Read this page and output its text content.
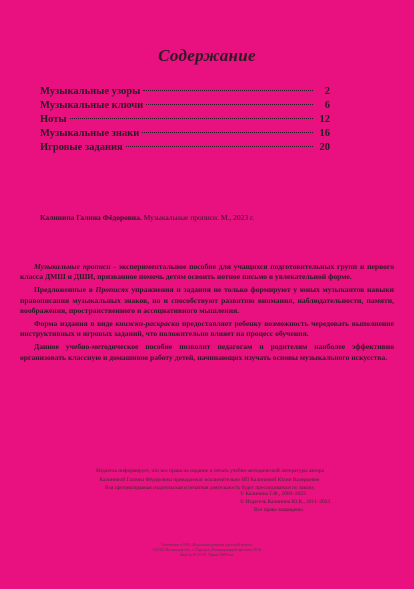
Содержание
Музыкальные узоры	2
Музыкальные ключи	6
Ноты	12
Музыкальные знаки	16
Игровые задания	20
Калинина Галина Фёдоровна. Музыкальные прописи. М., 2023 г.

Музыкальные прописи - экспериментальное пособие для учащихся подготовительных групп и первого класса ДМШ и ДШИ, призванное помочь детям освоить нотное письмо в увлекательной форме.

Предложенные в Прописях упражнения и задания не только формируют у юных музыкантов навыки правописания музыкальных знаков, но и способствуют развитию внимания, наблюдательности, памяти, воображения, пространственного и ассоциативного мышления.

Форма издания в виде книжки-раскраски предоставляет ребенку возможность чередовать выполнение инструктивных и игровых заданий, что положительно влияет на процесс обучения.

Данное учебно-методическое пособие позволит педагогам и родителям наиболее эффективно организовать классную и домашнюю работу детей, начинающих изучать основы музыкального искусства.

Издатель информирует, что все права на издание и печать учебно-методической литературы автора

Калининой Галины Фёдоровны принадлежат исключительно ИП Калининой Юлии Валерьевне.

Вся противоправная издательская и печатная деятельность будет преследоваться по закону.

© Калинина Г.Ф., 2000–2023

© Издатель Калинина Ю.В., 2011–2023

Все права защищены.

Отпечатано в ОАО «Подольская фабрика офсетной печати»

142100, Московская обл., г. Подольск, Революционный проспект, 80/42

Заказ № 01-РЗ 25. Тираж 10000 экз.
